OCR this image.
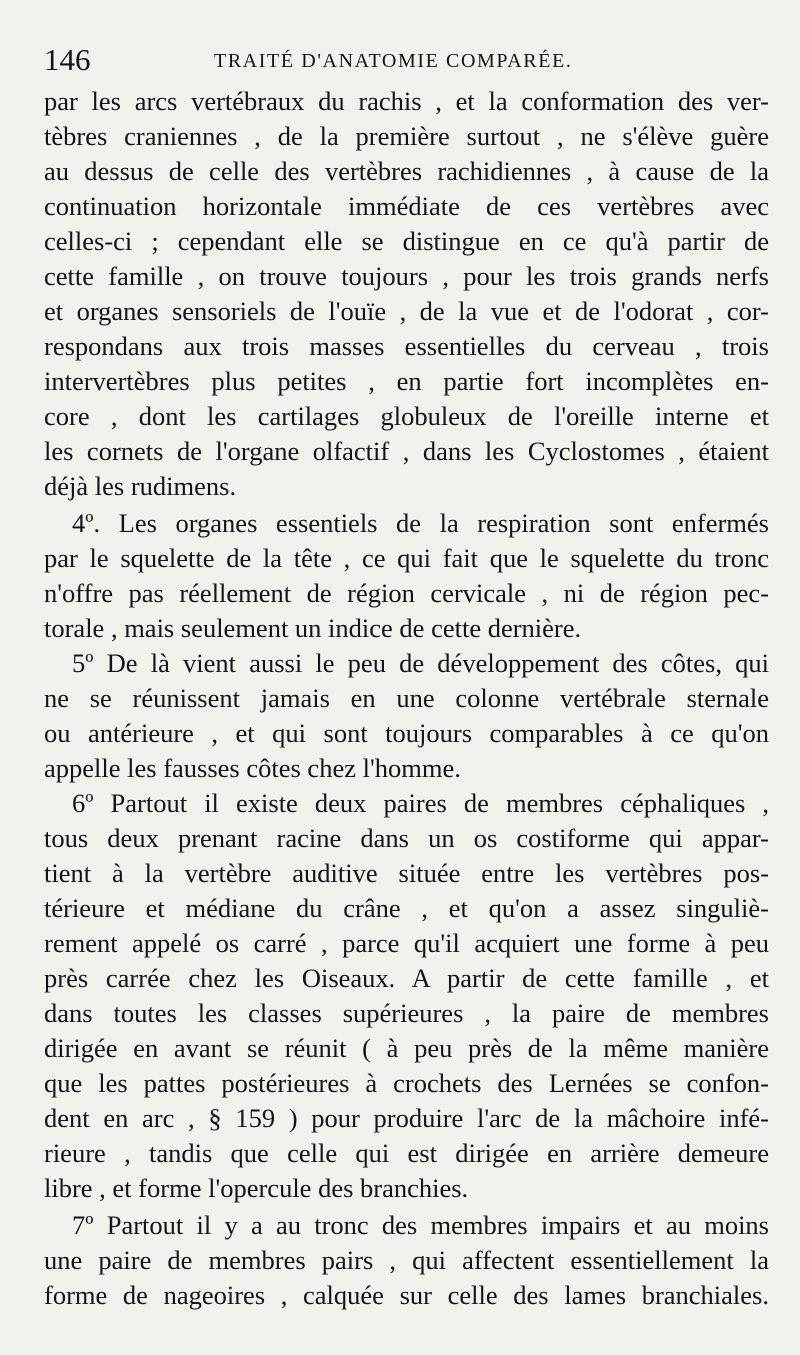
146	TRAITÉ D'ANATOMIE COMPARÉE.
par les arcs vertébraux du rachis , et la conformation des ver-
tèbres craniennes , de la première surtout , ne s'élève guère
au dessus de celle des vertèbres rachidiennes , à cause de la
continuation horizontale immédiate de ces vertèbres avec
celles-ci ; cependant elle se distingue en ce qu'à partir de
cette famille , on trouve toujours , pour les trois grands nerfs
et organes sensoriels de l'ouïe , de la vue et de l'odorat , cor-
respondans aux trois masses essentielles du cerveau , trois
intervertèbres plus petites , en partie fort incomplètes en-
core , dont les cartilages globuleux de l'oreille interne et
les cornets de l'organe olfactif , dans les Cyclostomes , étaient
déjà les rudimens.
4º. Les organes essentiels de la respiration sont enfermés
par le squelette de la tête , ce qui fait que le squelette du tronc
n'offre pas réellement de région cervicale , ni de région pec-
torale , mais seulement un indice de cette dernière.
5º De là vient aussi le peu de développement des côtes, qui
ne se réunissent jamais en une colonne vertébrale sternale
ou antérieure , et qui sont toujours comparables à ce qu'on
appelle les fausses côtes chez l'homme.
6º Partout il existe deux paires de membres céphaliques ,
tous deux prenant racine dans un os costiforme qui appar-
tient à la vertèbre auditive située entre les vertèbres pos-
térieure et médiane du crâne , et qu'on a assez singuliè-
rement appelé os carré , parce qu'il acquiert une forme à peu
près carrée chez les Oiseaux. A partir de cette famille , et
dans toutes les classes supérieures , la paire de membres
dirigée en avant se réunit ( à peu près de la même manière
que les pattes postérieures à crochets des Lernées se confon-
dent en arc , § 159 ) pour produire l'arc de la mâchoire infé-
rieure , tandis que celle qui est dirigée en arrière demeure
libre , et forme l'opercule des branchies.
7º Partout il y a au tronc des membres impairs et au moins
une paire de membres pairs , qui affectent essentiellement la
forme de nageoires , calquée sur celle des lames branchiales.
